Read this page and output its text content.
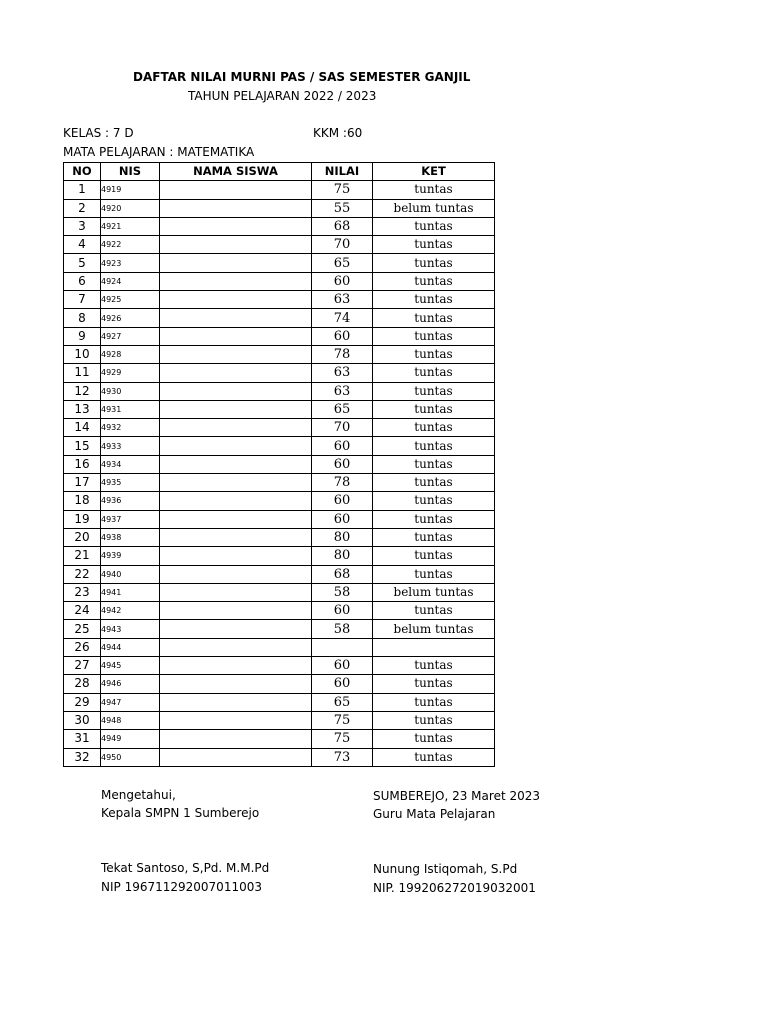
DAFTAR NILAI MURNI PAS / SAS SEMESTER GANJIL
TAHUN PELAJARAN 2022 / 2023
KELAS : 7 D	KKM :60
MATA PELAJARAN : MATEMATIKA
NO	NIS	NAMA SISWA	NILAI	KET
1	4919		75	tuntas
2	4920		55	belum tuntas
3	4921		68	tuntas
4	4922		70	tuntas
5	4923		65	tuntas
6	4924		60	tuntas
7	4925		63	tuntas
8	4926		74	tuntas
9	4927		60	tuntas
10	4928		78	tuntas
11	4929		63	tuntas
12	4930		63	tuntas
13	4931		65	tuntas
14	4932		70	tuntas
15	4933		60	tuntas
16	4934		60	tuntas
17	4935		78	tuntas
18	4936		60	tuntas
19	4937		60	tuntas
20	4938		80	tuntas
21	4939		80	tuntas
22	4940		68	tuntas
23	4941		58	belum tuntas
24	4942		60	tuntas
25	4943		58	belum tuntas
26	4944			
27	4945		60	tuntas
28	4946		60	tuntas
29	4947		65	tuntas
30	4948		75	tuntas
31	4949		75	tuntas
32	4950		73	tuntas
Mengetahui,
Kepala SMPN 1 Sumberejo
Tekat Santoso, S,Pd. M.M.Pd
NIP 196711292007011003
SUMBEREJO, 23 Maret 2023
Guru Mata Pelajaran
Nunung Istiqomah, S.Pd
NIP. 199206272019032001
